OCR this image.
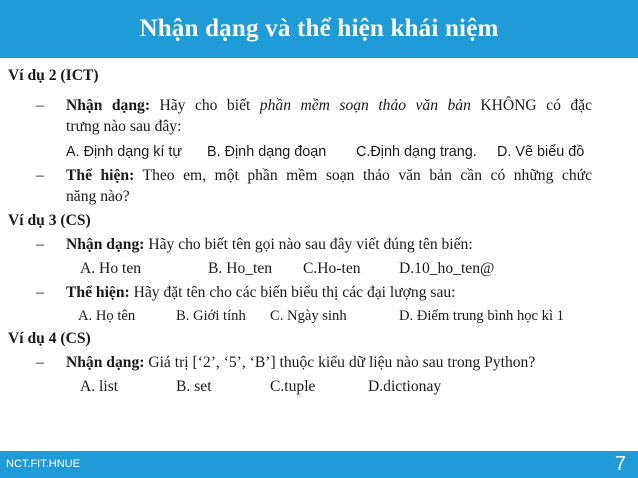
Nhận dạng và thể hiện khái niệm
Ví dụ 2 (ICT)
– Nhận dạng: Hãy cho biết phần mềm soạn thảo văn bản KHÔNG có đặc
trưng nào sau đây:
A. Định dạng kí tự B. Định dạng đoạn C.Định dạng trang. D. Vẽ biểu đồ
– Thể hiện: Theo em, một phần mềm soạn thảo văn bản cần có những chức
năng nào?
Ví dụ 3 (CS)
– Nhận dạng: Hãy cho biết tên gọi nào sau đây viết đúng tên biến:
A. Ho ten	B. Ho_ten C.Ho-ten D.10_ho_ten@
– Thể hiện: Hãy đặt tên cho các biến biểu thị các đại lượng sau:
A. Họ tên	B. Giới tính C. Ngày sinh	D. Điểm trung bình học kì 1
Ví dụ 4 (CS)
– Nhận dạng: Giá trị [‘2’, ‘5’, ‘B’] thuộc kiểu dữ liệu nào sau trong Python?
A. list	B. set	C.tuple	D.dictionay
NCT.FIT.HNUE	7
